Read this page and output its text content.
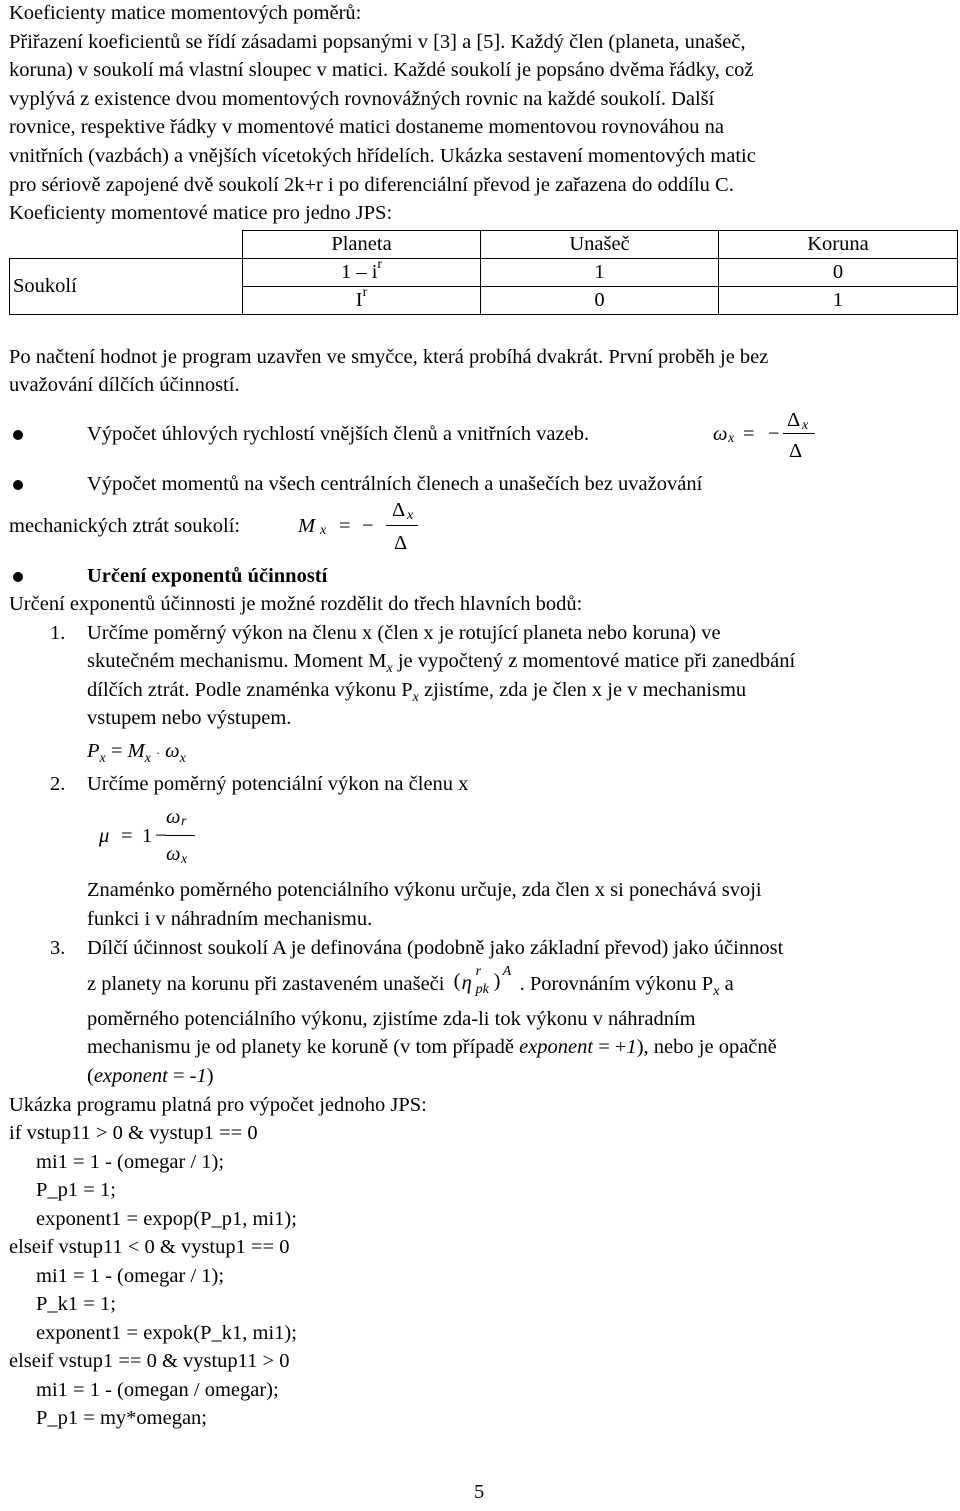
Koeficienty matice momentových poměrů:

Přiřazení koeficientů se řídí zásadami popsanými v [3] a [5]. Každý člen (planeta, unašeč,

koruna) v soukolí má vlastní sloupec v matici. Každé soukolí je popsáno dvěma řádky, což

vyplývá z existence dvou momentových rovnovážných rovnic na každé soukolí. Další

rovnice, respektive řádky v momentové matici dostaneme momentovou rovnováhou na

vnitřních (vazbách) a vnějších vícetokých hřídelích. Ukázka sestavení momentových matic

pro sériově zapojené dvě soukolí 2k+r i po diferenciální převod je zařazena do oddílu C.

Koeficienty momentové matice pro jedno JPS:

	Planeta	Unašeč	Koruna
Soukolí	$1 - i^r$	1	0
	$I^r$	0	1

Po načtení hodnot je program uzavřen ve smyčce, která probíhá dvakrát. První proběh je bez

uvažování dílčích účinností.

Výpočet úhlových rychlostí vnějších členů a vnitřních vazeb.	ω x = −
Δ x
Δ
Výpočet momentů na všech centrálních členech a unašečích bez uvažování
mechanických ztrát soukolí:	M x = −
Δ x
Δ
Určení exponentů účinností

Určení exponentů účinnosti je možné rozdělit do třech hlavních bodů:

1. Určíme poměrný výkon na členu x (člen x je rotující planeta nebo koruna) ve

skutečném mechanismu. Moment $M_x$ je vypočtený z momentové matice při zanedbání

dílčích ztrát. Podle znaménka výkonu $P_x$ zjistíme, zda je člen x je v mechanismu

vstupem nebo výstupem.

$P_x = M_x \cdot \omega_x$

2. Určíme poměrný potenciální výkon na členu x

μ = 1 −
ω r
ω x

Znaménko poměrného potenciálního výkonu určuje, zda člen x si ponechává svoji

funkci i v náhradním mechanismu.

3. Dílčí účinnost soukolí A je definována (podobně jako základní převod) jako účinnost

z planety na korunu při zastaveném unašeči ( η
r
pk ) A
. Porovnáním výkonu $P_x$ a

poměrného potenciálního výkonu, zjistíme zda-li tok výkonu v náhradním

mechanismu je od planety ke koruně (v tom případě exponent = +1), nebo je opačně

(exponent = -1)

Ukázka programu platná pro výpočet jednoho JPS:

if vstup11 > 0 & vystup1 == 0

mi1 = 1 - (omegar / 1);

P_p1 = 1;

exponent1 = expop(P_p1, mi1);

elseif vstup11 < 0 & vystup1 == 0

mi1 = 1 - (omegar / 1);

P_k1 = 1;

exponent1 = expok(P_k1, mi1);

elseif vstup1 == 0 & vystup11 > 0

mi1 = 1 - (omegan / omegar);

P_p1 = my*omegan;

5
